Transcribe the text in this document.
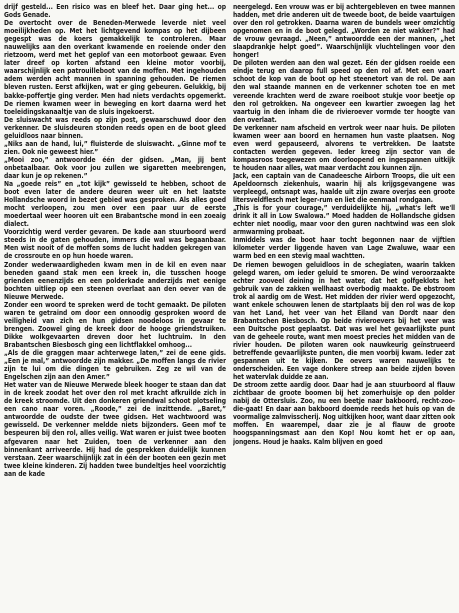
drijf gesteld... Een risico was en bleef het. Daar ging het... op Gods Genade.

De overtocht over de Beneden-Merwede leverde niet veel moeilijkheden op. Met het lichtgevend kompas op het dijbeen gegespt was de koers gemakkelijk te controleren. Maar nauwelijks aan den overkant kwamende en roeiende onder den rietzoom, werd met het geplof van een motorboot gewaar. Even later dreef op korten afstand een kleine motor voorbij, waarschijnlijk een patrouilleboot van de moffen. Met ingehouden adem werden acht mannen in spanning gehouden. De riemen bleven rusten. Eerst afkijken, wat er ging gebeuren. Gelukkig, bij bakke-poffertje ging verder. Men had niets verdachts opgemerkt. De riemen kwamen weer in beweging en kort daarna werd het toeleidingskanaaltje van de sluis ingekoerst.

De sluiswacht was reeds op zijn post, gewaarschuwd door den verkenner. De sluisdeuren stonden reeds open en de boot gleed geluidloos naar binnen.

„Niks aan de hand, lui,” fluisterde de sluiswacht. „Ginne mof te zien. Ook nie geweest hier.”

„Mooi zoo,” antwoordde één der gidsen. „Man, jij bent onbetaalbaar. Ook voor jou zullen we sigaretten meebrengen, daar kun je op rekenen.”

Na „goede reis” en „tot kijk” gewisseld te hebben, schoot de boot even later de andere deuren weer uit en het laatste Hollandsche woord in bezet gebied was gesproken. Als alles goed mocht verloopen, zou men over een paar uur de eerste moedertaal weer hooren uit een Brabantsche mond in een zoeaig dialect.

Voorzichtig werd verder gevaren. De kade aan stuurboord werd steeds in de gaten gehouden, immers die wal was begaanbaar. Men wist nooit of de moffen soms de lucht hadden gekregen van de crossroute en op hun hoede waren.

Zonder wederwaardigheden kwam men in de kil en even naar beneden gaand stak men een kreek in, die tusschen hooge grienden eenenzijds en een polderkade anderzijds met eenige bochten uitliep op een steenen overlaat aan den oever van de Nieuwe Merwede.

Zonder een woord te spreken werd de tocht gemaakt. De piloten waren te getraind om door een onnoodig gesproken woord de veiligheid van zich en hun gidsen noodeloos in gevaar te brengen. Zoowel ging de kreek door de hooge griendstruiken. Dikke wolkgevaarten dreven door het luchtruim. In den Brabantschen Biesbosch ging een lichtflakkel omhoog...

„Als de die graggen maar achterwege laten,” zei de eene gids. „Een je mal,” antwoordde zijn makker. „De moffen langs de rivier zijn te lui om die dingen te gebruiken. Zeg ze wil van de Engelschen zijn aan den Amer.”

Het water van de Nieuwe Merwede bleek hooger te staan dan dat in de kreek zoodat het over den rol met kracht afkruilde zich in de kreek stroomde. Uit den donkeren griendwal schoot plotseling een cano naar voren. „Roode,” zei de inzittende. „Baret,” antwoordde de oudste der twee gidsen. Het wachtwoord was gewisseld. De verkenner meldde niets bijzonders. Geen mof te bespeuren bij den rol, alles veilig. Wat waren er juist twee booten afgevaren naar het Zuiden, toen de verkenner aan den binnenkant arriveerde. Hij had de gesprekken duidelijk kunnen verstaan. Zeer waarschijnlijk zat in één der booten een gezin met twee kleine kinderen. Zij hadden twee bundeltjes heel voorzichtig aan de kade

neergelegd. Een vrouw was er bij achtergebleven en twee mannen hadden, met drie anderen uit de tweede boot, de beide vaartuigen over den rol getrokken. Daarna waren de bundels weer omzichtig opgenomen en in de boot gelegd. „Worden ze niet wakker?” had de vrouw gevraagd. „Neen,” antwoordde een der mannen, „het slaapdrankje helpt goed”. Waarschijnlijk vluchtelingen voor den honger!

De piloten werden aan den wal gezet. Eén der gidsen roeide een eindje terug en daarop full speed op den rol af. Met een vaart schoot de kop van de boot op het steenetort van de rol. De aan den wal staande mannen en de verkenner schoten toe en met vereende krachten werd de zware roeiboot stukje voor beetje op den rol getrokken. Na ongeveer een kwartier zwoegen lag het vaartuig in den inham die de rivieroever vormde ter hoogte van den overlaat.

De verkenner nam afscheid en vertrok weer naar huis. De piloten kwamen weer aan boord en hernamen hun vaste plaatsen. Nog even werd gepauseerd, alvorens te vertrekken. De laatste contacten werden gegeven. Ieder kreeg zijn sector van de kompasroos toegewezen om doorloopend en ingespannen uitkijk te houden naar alles, wat maar verdacht zou kunnen zijn.

Jack, een captain van de Canadeesche Airborn Troops, die uit een Apeldoornsch ziekenhuis, waarin hij als krijgsgevangene was verpleegd, ontsnapt was, haalde uit zijn zware overjas een groote litersveldflesch met leger-rum en liet die eenmaal rondgaan.

„This is for your courage,” verduidelijkte hij, „what's left we'll drink it all in Low Swalowa.” Moed hadden de Hollandsche gidsen echter niet noodig, maar voor den guren nachtwind was een slok armwarming probaat.

Inmiddels was de boot haar tocht begonnen naar de vijftien kilometer verder liggende haven van Lage Zwaluwe, waar een warm bed en een stevig maal wachtten.

De riemen bewogen geluidloos in de schegiaten, waarin takken gelegd waren, om ieder geluid te smoren. De wind veroorzaakte echter zooveel deining in het water, dat het golfgeklots het gebruik van de zakken wellhaast overbodig maakte. De ebstroom trok al aardig om de West. Het midden der rivier werd opgezocht, want enkele schouwen lenen de startplaats bij den rol was de kop van het Land, het veer van het Eiland van Dordt naar den Brabantschen Biesbosch. Op beide rivieroevers bij het veer was een Duitsche post geplaatst. Dat was wel het gevaarlijkste punt van de geheele route, want men moest precies het midden van de rivier houden. De piloten waren ook nauwkeurig geïnstrueerd betreffende gevaarlijkste punten, die men voorbij kwam. Ieder zat gespannen uit te kijken. De oevers waren nauwelijks te onderscheiden. Een vage donkere streep aan beide zijden boven het watervlak duidde ze aan.

De stroom zette aardig door. Daar had je aan stuurboord al flauw zichtbaar de groote boomen bij het zomerhuisje op den polder nabij de Ottersluis. Zoo, nu een beetje naar bakboord, recht-zoo-die-gaat! En daar aan bakboord doemde reeds het huis op van de voormalige zalmvisscherij. Nog uitkijken hoor, want daar zitten ook moffen. En waarempel, daar zie je al flauw de groote hoogspanningsmast aan den Kop! Nou komt het er op aan, jongens. Houd je haaks. Kalm blijven en goed
